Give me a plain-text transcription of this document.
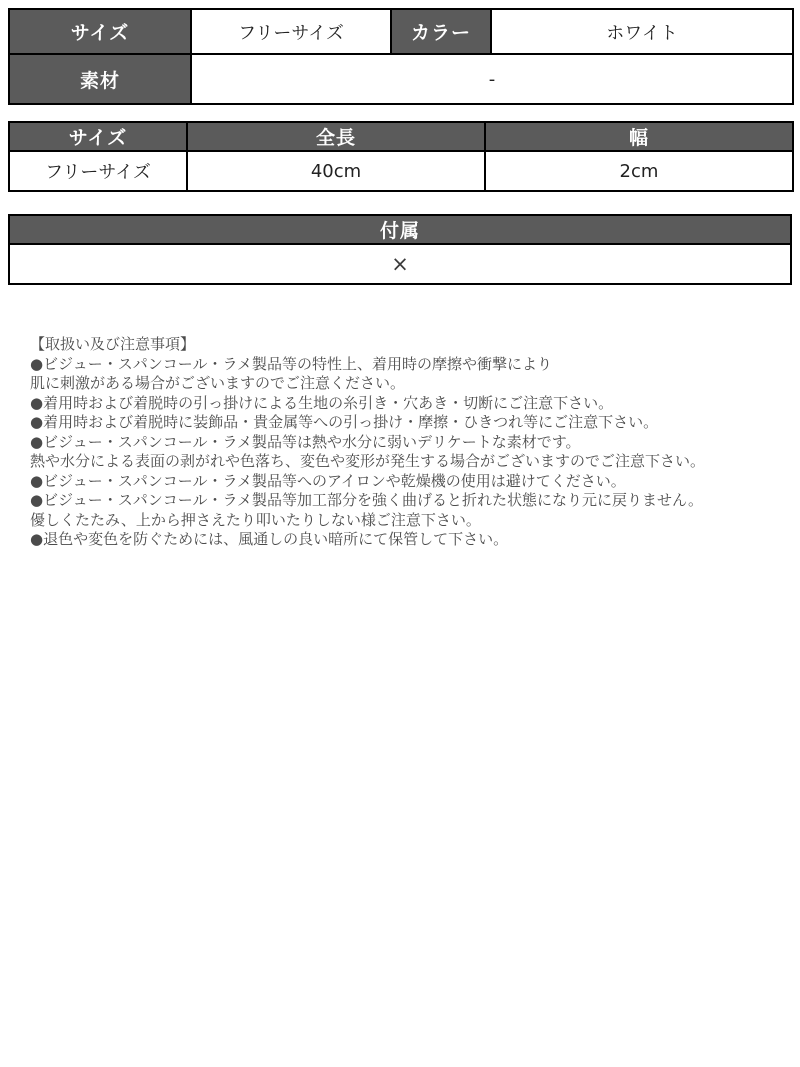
サイズ	フリーサイズ	カラー	ホワイト
素材	-		
サイズ	全長	幅
フリーサイズ	40cm	2cm
付属
×
【取扱い及び注意事項】
●ビジュー・スパンコール・ラメ製品等の特性上、着用時の摩擦や衝撃により
肌に刺激がある場合がございますのでご注意ください。
●着用時および着脱時の引っ掛けによる生地の糸引き・穴あき・切断にご注意下さい。
●着用時および着脱時に装飾品・貴金属等への引っ掛け・摩擦・ひきつれ等にご注意下さい。
●ビジュー・スパンコール・ラメ製品等は熱や水分に弱いデリケートな素材です。
熱や水分による表面の剥がれや色落ち、変色や変形が発生する場合がございますのでご注意下さい。
●ビジュー・スパンコール・ラメ製品等へのアイロンや乾燥機の使用は避けてください。
●ビジュー・スパンコール・ラメ製品等加工部分を強く曲げると折れた状態になり元に戻りません。
優しくたたみ、上から押さえたり叩いたりしない様ご注意下さい。
●退色や変色を防ぐためには、風通しの良い暗所にて保管して下さい。
